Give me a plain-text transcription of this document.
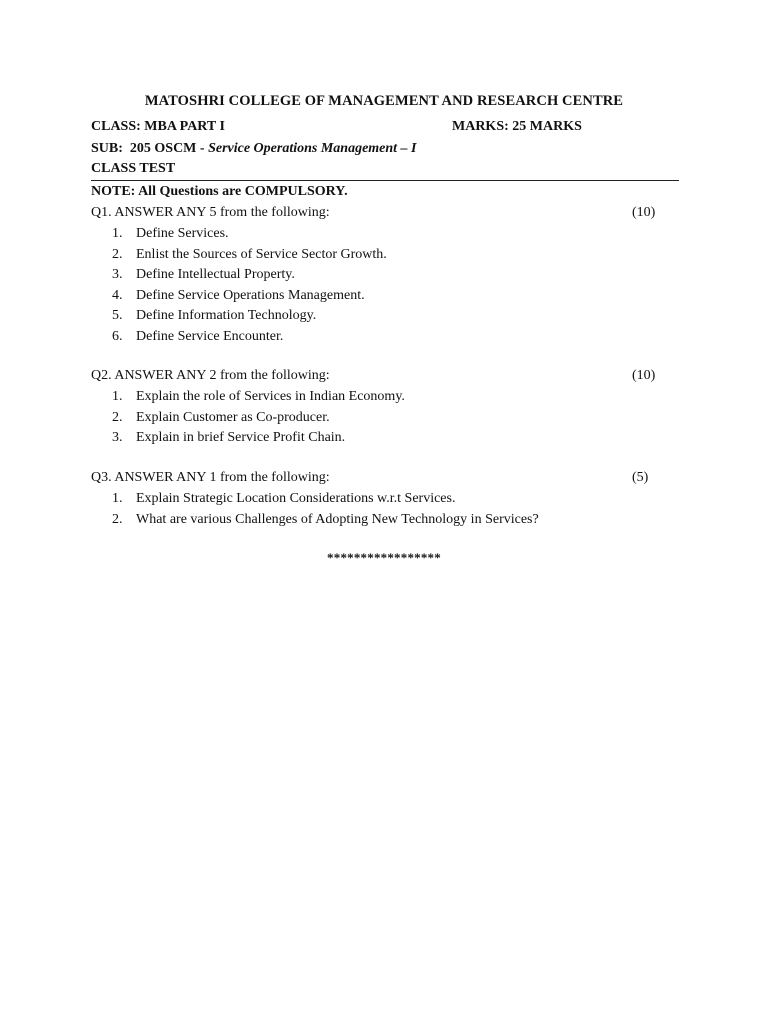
MATOSHRI COLLEGE OF MANAGEMENT AND RESEARCH CENTRE
CLASS: MBA PART I	MARKS: 25 MARKS
SUB:  205 OSCM - Service Operations Management – I
CLASS TEST
NOTE: All Questions are COMPULSORY.
Q1. ANSWER ANY 5 from the following:	(10)
1. Define Services.
2. Enlist the Sources of Service Sector Growth.
3. Define Intellectual Property.
4. Define Service Operations Management.
5. Define Information Technology.
6. Define Service Encounter.
Q2. ANSWER ANY 2 from the following:	(10)
1. Explain the role of Services in Indian Economy.
2. Explain Customer as Co-producer.
3. Explain in brief Service Profit Chain.
Q3. ANSWER ANY 1 from the following:	(5)
1. Explain Strategic Location Considerations w.r.t Services.
2. What are various Challenges of Adopting New Technology in Services?
*****************
